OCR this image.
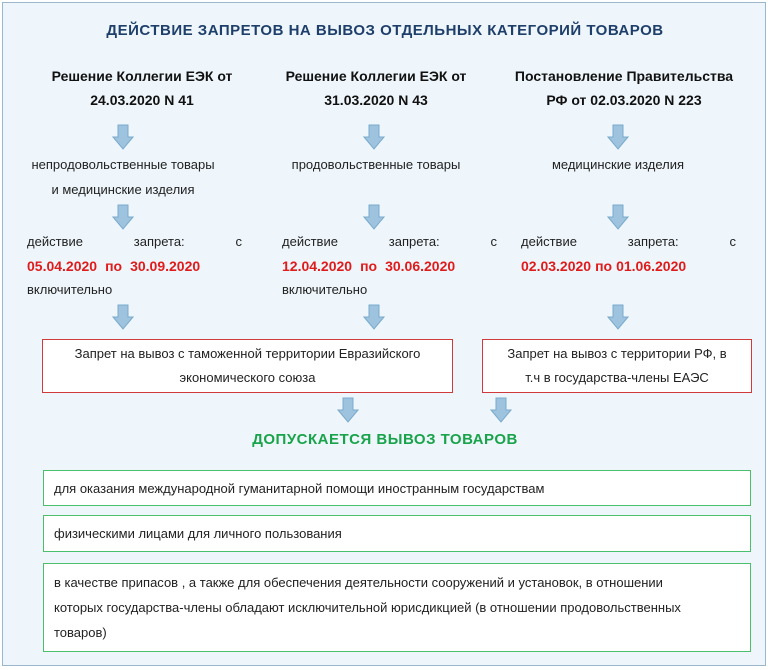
ДЕЙСТВИЕ ЗАПРЕТОВ НА ВЫВОЗ ОТДЕЛЬНЫХ КАТЕГОРИЙ ТОВАРОВ
Решение Коллегии ЕЭК от
24.03.2020 N 41
Решение Коллегии ЕЭК от
31.03.2020 N 43
Постановление Правительства
РФ от 02.03.2020 N 223
непродовольственные товары
и медицинские изделия
продовольственные товары	медицинские изделия
действие	запрета:	с
05.04.2020 по 30.09.2020
включительно
действие	запрета:	с
12.04.2020 по 30.06.2020
включительно
действие	запрета:	с
02.03.2020 по 01.06.2020
Запрет на вывоз с таможенной территории Евразийского
экономического союза
Запрет на вывоз с территории РФ, в
т.ч в государства-члены ЕАЭС
ДОПУСКАЕТСЯ ВЫВОЗ ТОВАРОВ
для оказания международной гуманитарной помощи иностранным государствам
физическими лицами для личного пользования
в качестве припасов , а также для обеспечения деятельности сооружений и установок, в отношении
которых государства-члены обладают исключительной юрисдикцией (в отношении продовольственных
товаров)
